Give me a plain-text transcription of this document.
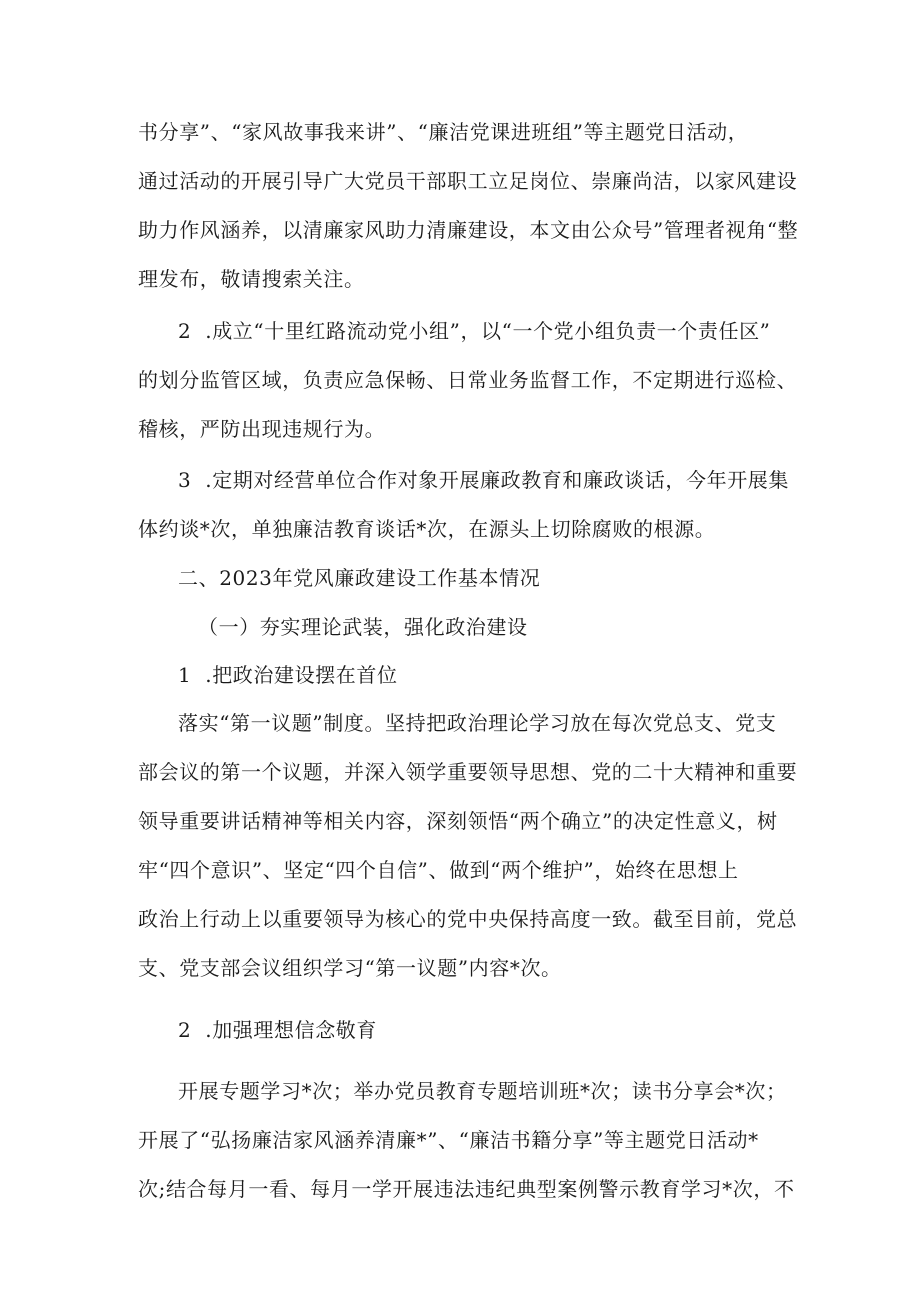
书分享”、“家风故事我来讲”、“廉洁党课进班组”等主题党日活动，
通过活动的开展引导广大党员干部职工立足岗位、崇廉尚洁，以家风建设
助力作风涵养，以清廉家风助力清廉建设，本文由公众号”管理者视角“整
理发布，敬请搜索关注。
2  .成立“十里红路流动党小组”，以“一个党小组负责一个责任区”
的划分监管区域，负责应急保畅、日常业务监督工作，不定期进行巡检、
稽核，严防出现违规行为。
3  .定期对经营单位合作对象开展廉政教育和廉政谈话，今年开展集
体约谈*次，单独廉洁教育谈话*次，在源头上切除腐败的根源。
二、2023年党风廉政建设工作基本情况
（一）夯实理论武装，强化政治建设
1  .把政治建设摆在首位
落实“第一议题”制度。坚持把政治理论学习放在每次党总支、党支
部会议的第一个议题，并深入领学重要领导思想、党的二十大精神和重要
领导重要讲话精神等相关内容，深刻领悟“两个确立”的决定性意义，树
牢“四个意识”、坚定“四个自信”、做到“两个维护”，始终在思想上
政治上行动上以重要领导为核心的党中央保持高度一致。截至目前，党总
支、党支部会议组织学习“第一议题”内容*次。
2  .加强理想信念敬育
开展专题学习*次；举办党员教育专题培训班*次；读书分享会*次；
开展了“弘扬廉洁家风涵养清廉*”、“廉洁书籍分享”等主题党日活动*
次;结合每月一看、每月一学开展违法违纪典型案例警示教育学习*次，不
